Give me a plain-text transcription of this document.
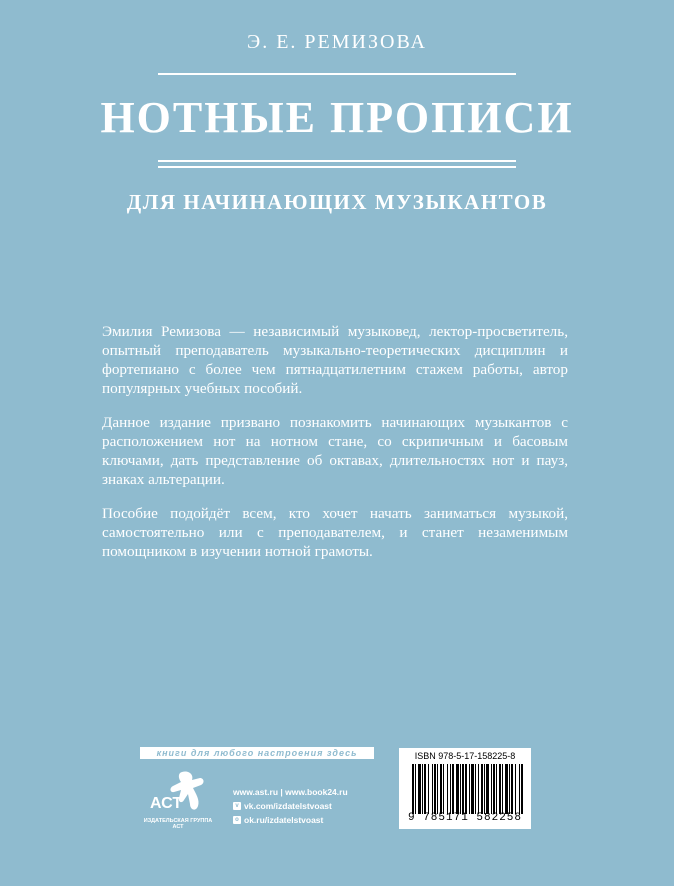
Э. Е. РЕМИЗОВА
НОТНЫЕ ПРОПИСИ
ДЛЯ НАЧИНАЮЩИХ МУЗЫКАНТОВ

Эмилия Ремизова — независимый музыковед, лектор-просветитель, опытный преподаватель музыкально-теоретических дисциплин и фортепиано с более чем пятнадцатилетним стажем работы, автор популярных учебных пособий.

Данное издание призвано познакомить начинающих музыкантов с расположением нот на нотном стане, со скрипичным и басовым ключами, дать представление об октавах, длительностях нот и пауз, знаках альтерации.

Пособие подойдёт всем, кто хочет начать заниматься музыкой, самостоятельно или с преподавателем, и станет незаменимым помощником в изучении нотной грамоты.

книги для любого настроения здесь
АСТ
ИЗДАТЕЛЬСКАЯ ГРУППА АСТ
www.ast.ru | www.book24.ru
v vk.com/izdatelstvoast
o ok.ru/izdatelstvoast
ISBN 978-5-17-158225-8
9 785171 582258
